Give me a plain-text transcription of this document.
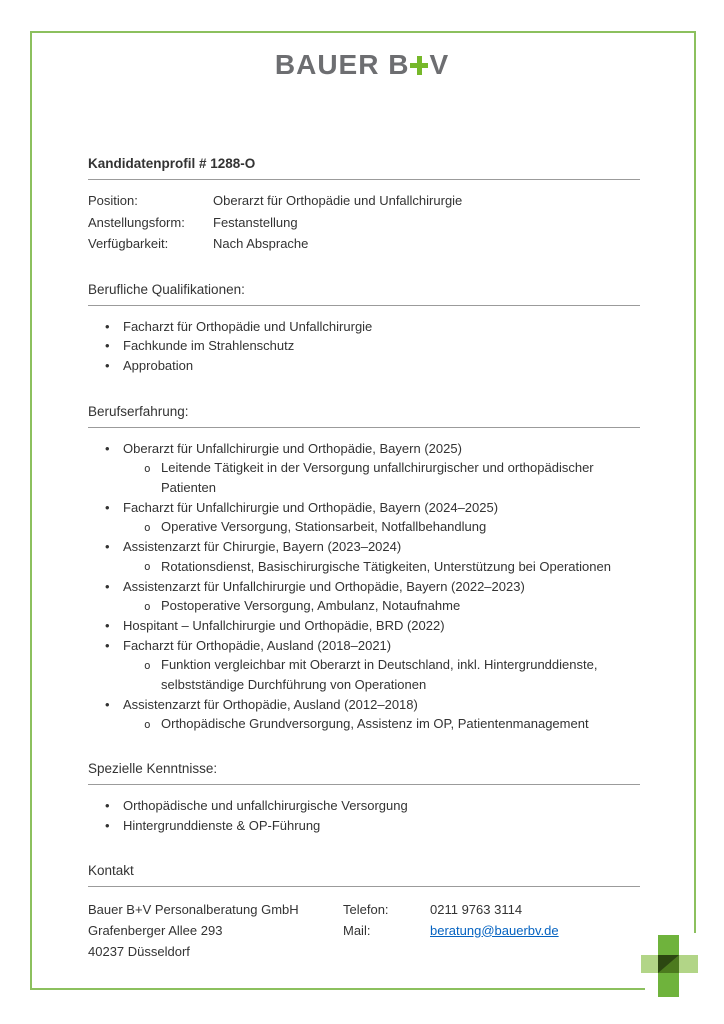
BAUER B V
Kandidatenprofil # 1288-O
Position:	Oberarzt für Orthopädie und Unfallchirurgie
Anstellungsform:	Festanstellung
Verfügbarkeit:	Nach Absprache
Berufliche Qualifikationen:
• Facharzt für Orthopädie und Unfallchirurgie
• Fachkunde im Strahlenschutz
• Approbation
Berufserfahrung:
• Oberarzt für Unfallchirurgie und Orthopädie, Bayern (2025)
o Leitende Tätigkeit in der Versorgung unfallchirurgischer und orthopädischer Patienten
• Facharzt für Unfallchirurgie und Orthopädie, Bayern (2024–2025)
o Operative Versorgung, Stationsarbeit, Notfallbehandlung
• Assistenzarzt für Chirurgie, Bayern (2023–2024)
o Rotationsdienst, Basischirurgische Tätigkeiten, Unterstützung bei Operationen
• Assistenzarzt für Unfallchirurgie und Orthopädie, Bayern (2022–2023)
o Postoperative Versorgung, Ambulanz, Notaufnahme
• Hospitant – Unfallchirurgie und Orthopädie, BRD (2022)
• Facharzt für Orthopädie, Ausland (2018–2021)
o Funktion vergleichbar mit Oberarzt in Deutschland, inkl. Hintergrunddienste, selbstständige Durchführung von Operationen
• Assistenzarzt für Orthopädie, Ausland (2012–2018)
o Orthopädische Grundversorgung, Assistenz im OP, Patientenmanagement
Spezielle Kenntnisse:
• Orthopädische und unfallchirurgische Versorgung
• Hintergrunddienste & OP-Führung
Kontakt
Bauer B+V Personalberatung GmbH
Grafenberger Allee 293
40237 Düsseldorf
Telefon:	0211 9763 3114
Mail:	beratung@bauerbv.de
